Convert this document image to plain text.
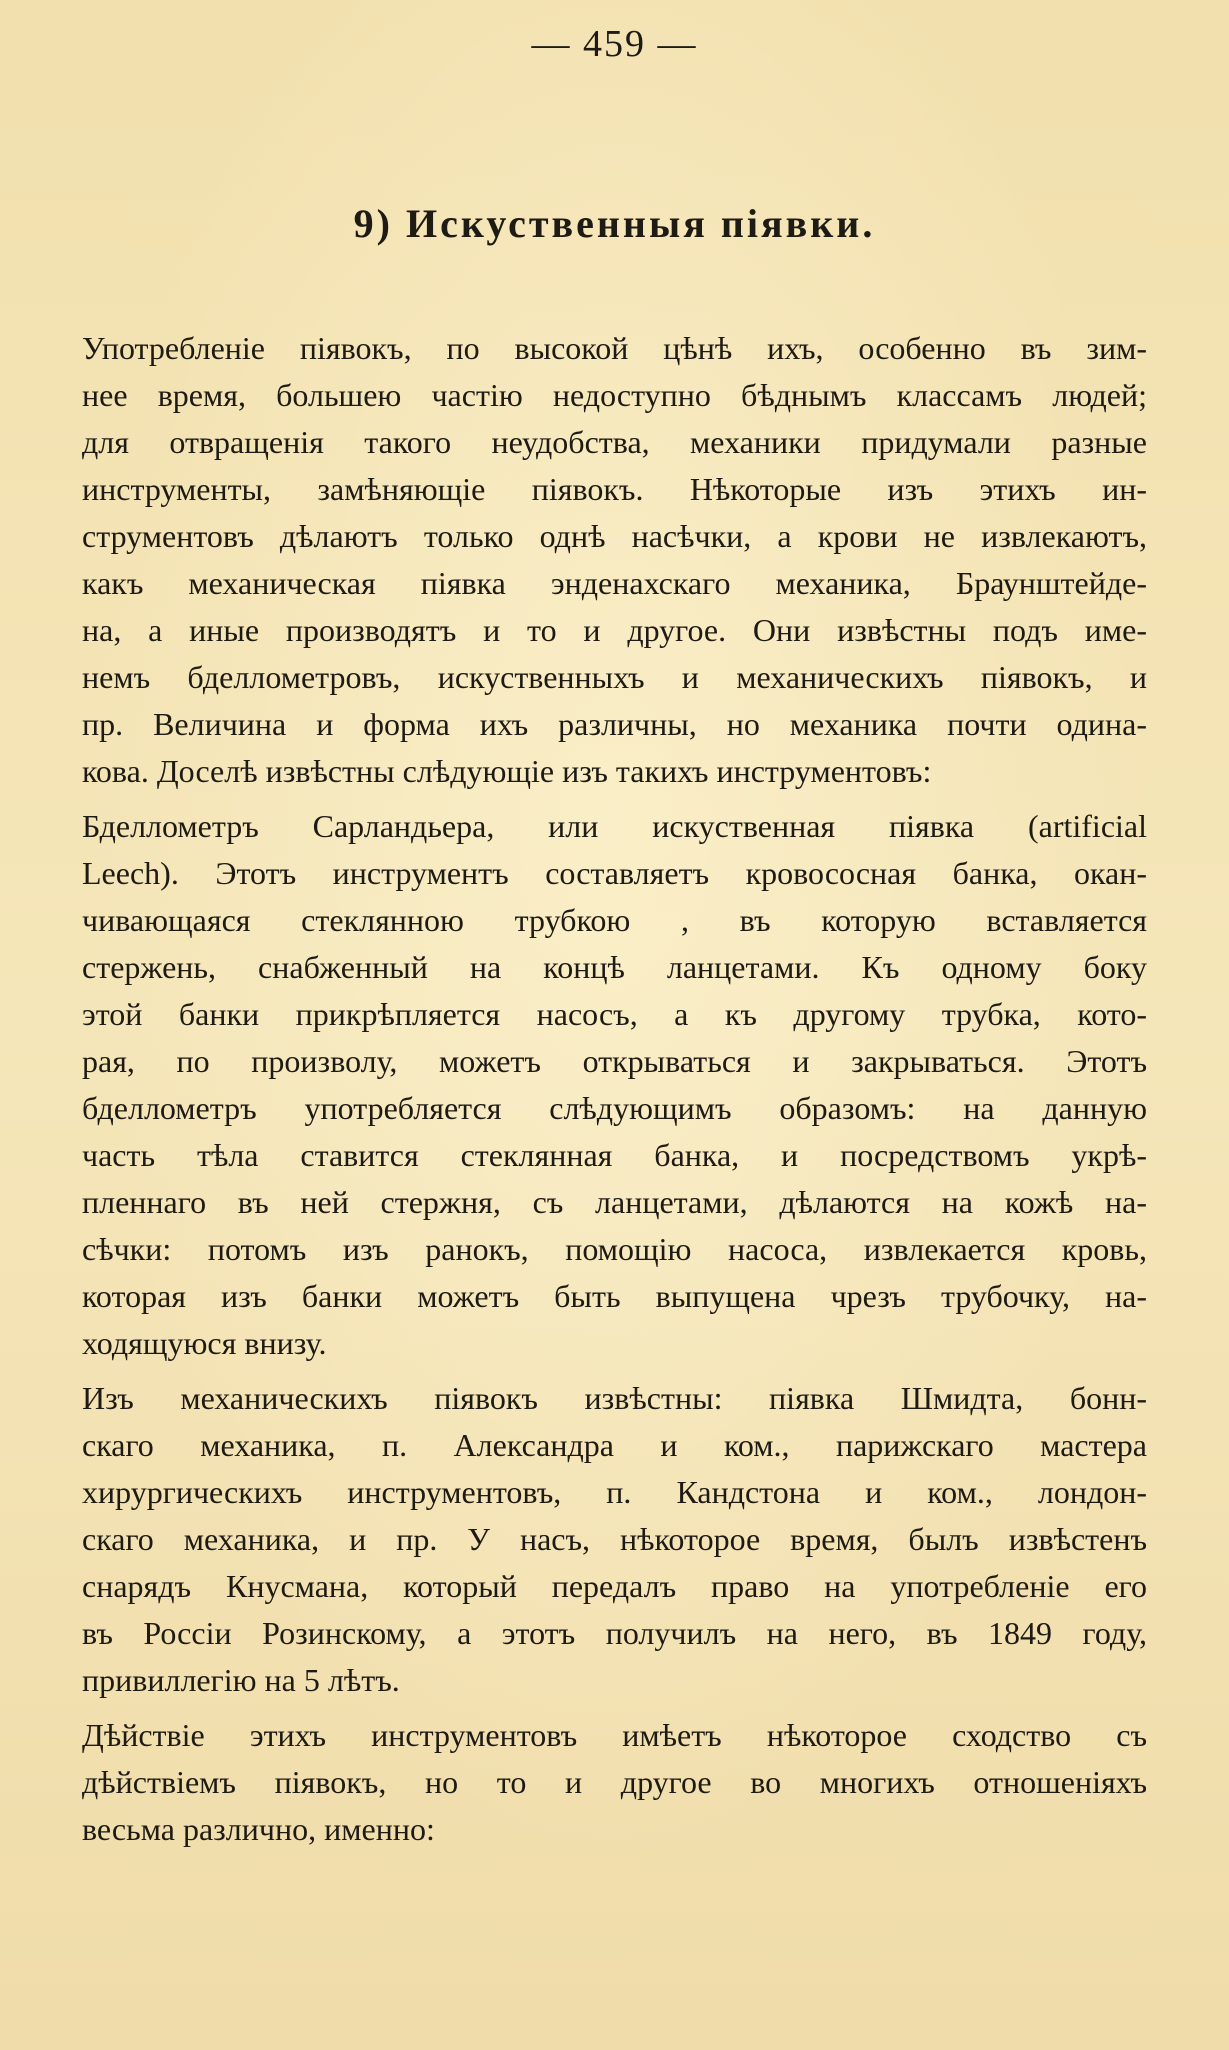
— 459 —
9) Искуственныя піявки.

Употребленіе піявокъ, по высокой цѣнѣ ихъ, особенно въ зим-
нее время, большею частію недоступно бѣднымъ классамъ людей;
для отвращенія такого неудобства, механики придумали разные
инструменты, замѣняющіе піявокъ. Нѣкоторые изъ этихъ ин-
струментовъ дѣлаютъ только однѣ насѣчки, а крови не извлекаютъ,
какъ механическая піявка энденахскаго механика, Браунштейде-
на, а иные производятъ и то и другое. Они извѣстны подъ име-
немъ бделлометровъ, искуственныхъ и механическихъ піявокъ, и
пр. Величина и форма ихъ различны, но механика почти одина-
кова. Доселѣ извѣстны слѣдующіе изъ такихъ инструментовъ:

Бделлометръ Сарландьера, или искуственная піявка (artificial
Leech). Этотъ инструментъ составляетъ кровососная банка, окан-
чивающаяся стеклянною трубкою , въ которую вставляется
стержень, снабженный на концѣ ланцетами. Къ одному боку
этой банки прикрѣпляется насосъ, а къ другому трубка, кото-
рая, по произволу, можетъ открываться и закрываться. Этотъ
бделлометръ употребляется слѣдующимъ образомъ: на данную
часть тѣла ставится стеклянная банка, и посредствомъ укрѣ-
пленнаго въ ней стержня, съ ланцетами, дѣлаются на кожѣ на-
сѣчки: потомъ изъ ранокъ, помощію насоса, извлекается кровь,
которая изъ банки можетъ быть выпущена чрезъ трубочку, на-
ходящуюся внизу.

Изъ механическихъ піявокъ извѣстны: піявка Шмидта, бонн-
скаго механика, п. Александра и ком., парижскаго мастера
хирургическихъ инструментовъ, п. Кандстона и ком., лондон-
скаго механика, и пр. У насъ, нѣкоторое время, былъ извѣстенъ
снарядъ Кнусмана, который передалъ право на употребленіе его
въ Россіи Розинскому, а этотъ получилъ на него, въ 1849 году,
привиллегію на 5 лѣтъ.

Дѣйствіе этихъ инструментовъ имѣетъ нѣкоторое сходство съ
дѣйствіемъ піявокъ, но то и другое во многихъ отношеніяхъ
весьма различно, именно:
